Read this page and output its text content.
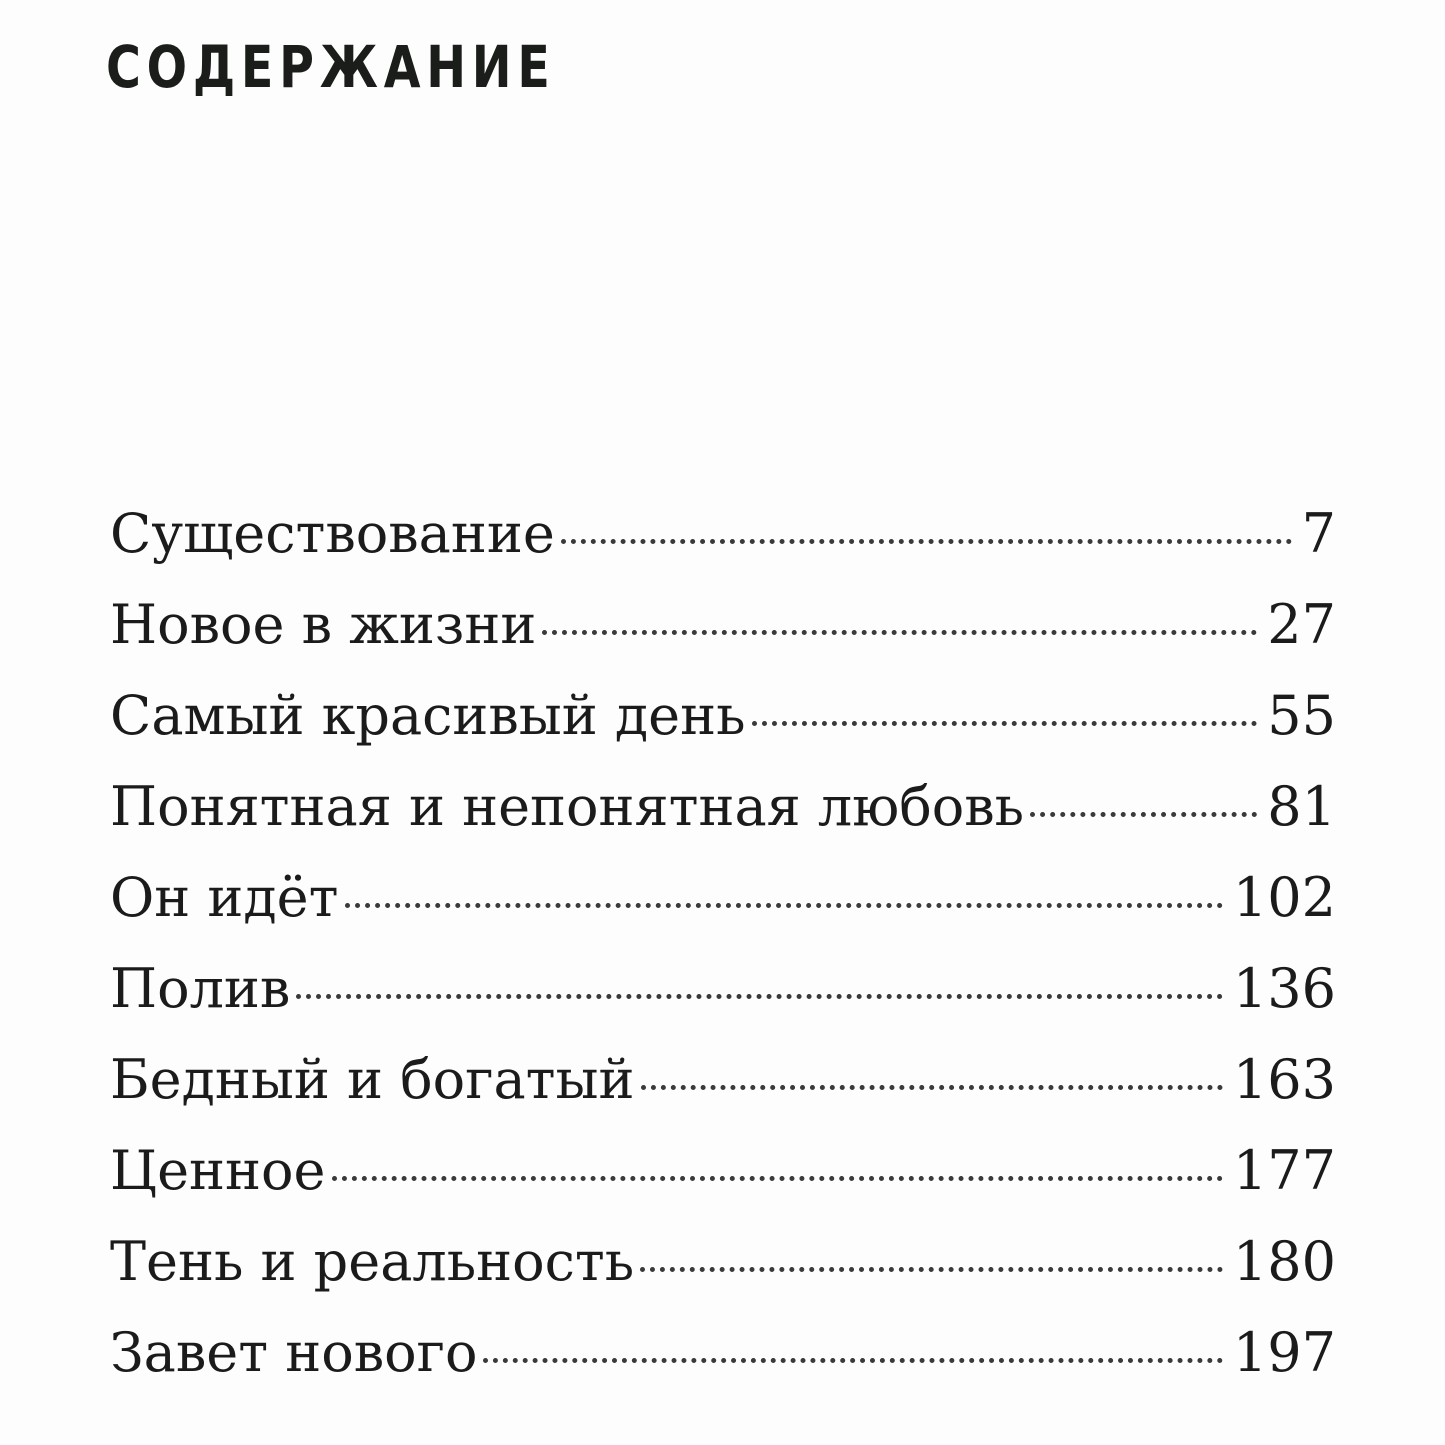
СОДЕРЖАНИЕ
Существование	7
Новое в жизни	27
Самый красивый день	55
Понятная и непонятная любовь	81
Он идёт	102
Полив	136
Бедный и богатый	163
Ценное	177
Тень и реальность	180
Завет нового	197
